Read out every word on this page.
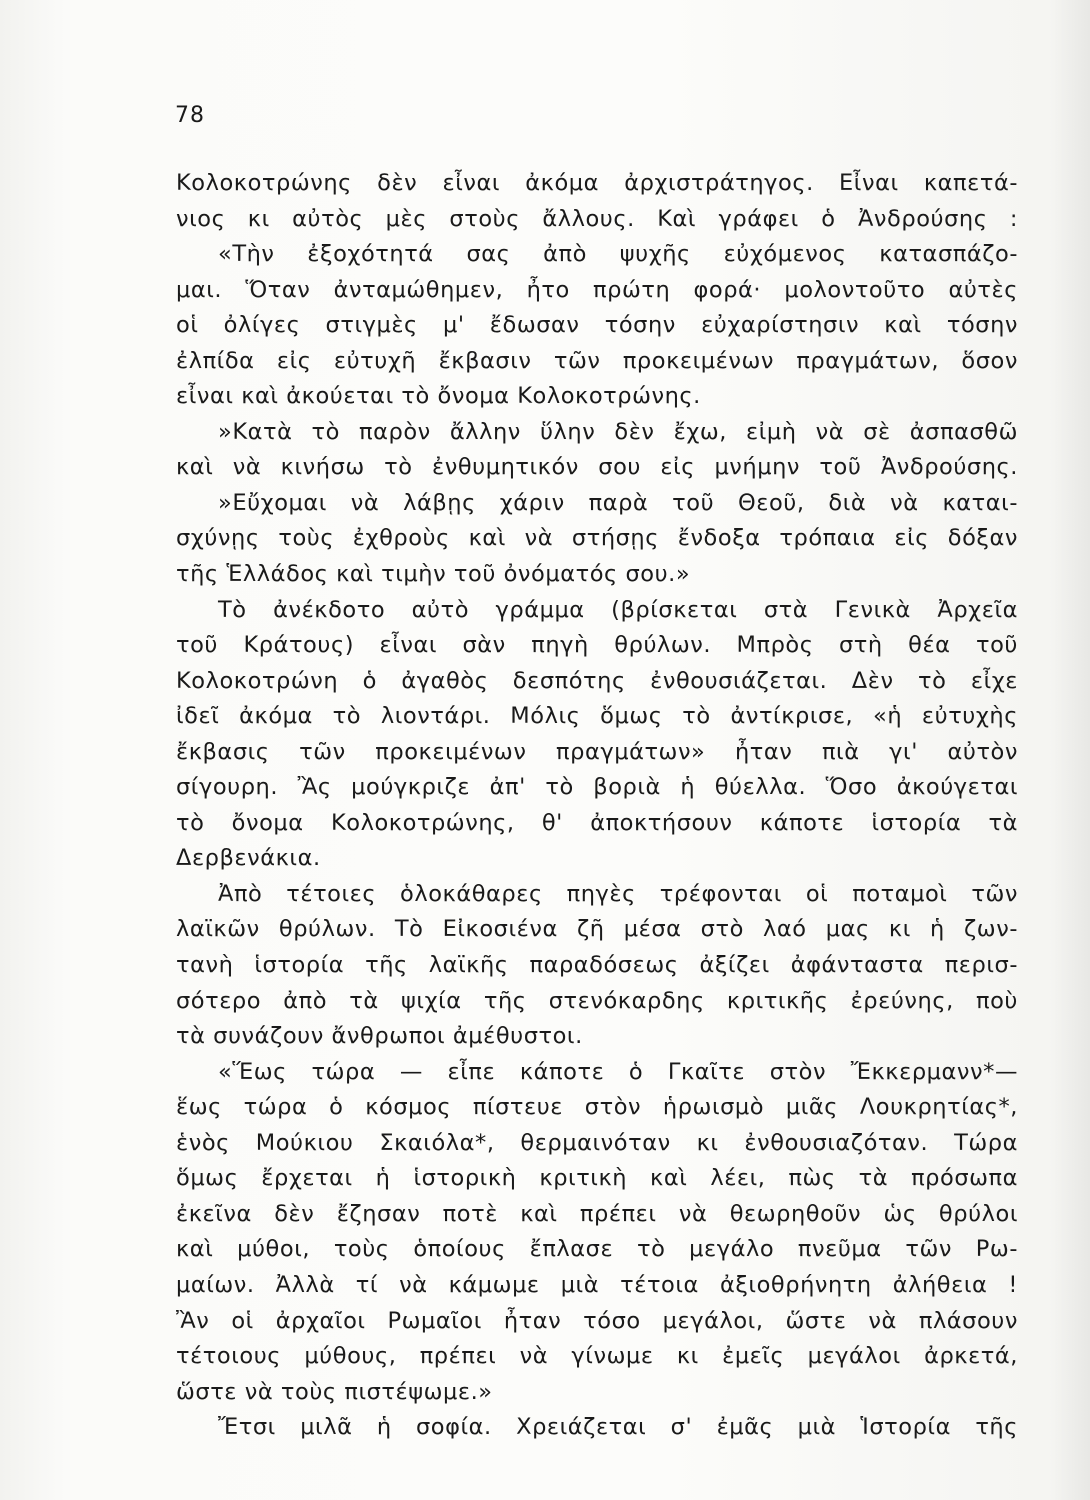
78
Κολοκοτρώνης δὲν εἶναι ἀκόμα ἀρχιστράτηγος. Εἶναι καπετά-
νιος κι αὐτὸς μὲς στοὺς ἄλλους. Καὶ γράφει ὁ Ἀνδρούσης :
«Τὴν ἐξοχότητά σας ἀπὸ ψυχῆς εὐχόμενος κατασπάζο-
μαι. Ὅταν ἀνταμώθημεν, ἦτο πρώτη φορά· μολοντοῦτο αὐτὲς
οἱ ὀλίγες στιγμὲς μ' ἔδωσαν τόσην εὐχαρίστησιν καὶ τόσην
ἐλπίδα εἰς εὐτυχῆ ἔκβασιν τῶν προκειμένων πραγμάτων, ὅσον
εἶναι καὶ ἀκούεται τὸ ὄνομα Κολοκοτρώνης.
»Κατὰ τὸ παρὸν ἄλλην ὕλην δὲν ἔχω, εἰμὴ νὰ σὲ ἀσπασθῶ
καὶ νὰ κινήσω τὸ ἐνθυμητικόν σου εἰς μνήμην τοῦ Ἀνδρούσης.
»Εὔχομαι νὰ λάβῃς χάριν παρὰ τοῦ Θεοῦ, διὰ νὰ καται-
σχύνῃς τοὺς ἐχθροὺς καὶ νὰ στήσῃς ἔνδοξα τρόπαια εἰς δόξαν
τῆς Ἑλλάδος καὶ τιμὴν τοῦ ὀνόματός σου.»
Τὸ ἀνέκδοτο αὐτὸ γράμμα (βρίσκεται στὰ Γενικὰ Ἀρχεῖα
τοῦ Κράτους) εἶναι σὰν πηγὴ θρύλων. Μπρὸς στὴ θέα τοῦ
Κολοκοτρώνη ὁ ἀγαθὸς δεσπότης ἐνθουσιάζεται. Δὲν τὸ εἶχε
ἰδεῖ ἀκόμα τὸ λιοντάρι. Μόλις ὅμως τὸ ἀντίκρισε, «ἡ εὐτυχὴς
ἔκβασις τῶν προκειμένων πραγμάτων» ἦταν πιὰ γι' αὐτὸν
σίγουρη. Ἂς μούγκριζε ἀπ' τὸ βοριὰ ἡ θύελλα. Ὅσο ἀκούγεται
τὸ ὄνομα Κολοκοτρώνης, θ' ἀποκτήσουν κάποτε ἱστορία τὰ
Δερβενάκια.
Ἀπὸ τέτοιες ὁλοκάθαρες πηγὲς τρέφονται οἱ ποταμοὶ τῶν
λαϊκῶν θρύλων. Τὸ Εἰκοσιένα ζῆ μέσα στὸ λαό μας κι ἡ ζων-
τανὴ ἱστορία τῆς λαϊκῆς παραδόσεως ἀξίζει ἀφάνταστα περισ-
σότερο ἀπὸ τὰ ψιχία τῆς στενόκαρδης κριτικῆς ἐρεύνης, ποὺ
τὰ συνάζουν ἄνθρωποι ἀμέθυστοι.
«Ἕως τώρα — εἶπε κάποτε ὁ Γκαῖτε στὸν Ἔκκερμανν*—
ἕως τώρα ὁ κόσμος πίστευε στὸν ἡρωισμὸ μιᾶς Λουκρητίας*,
ἑνὸς Μούκιου Σκαιόλα*, θερμαινόταν κι ἐνθουσιαζόταν. Τώρα
ὅμως ἔρχεται ἡ ἱστορικὴ κριτικὴ καὶ λέει, πὼς τὰ πρόσωπα
ἐκεῖνα δὲν ἔζησαν ποτὲ καὶ πρέπει νὰ θεωρηθοῦν ὡς θρύλοι
καὶ μύθοι, τοὺς ὁποίους ἔπλασε τὸ μεγάλο πνεῦμα τῶν Ρω-
μαίων. Ἀλλὰ τί νὰ κάμωμε μιὰ τέτοια ἀξιοθρήνητη ἀλήθεια !
Ἂν οἱ ἀρχαῖοι Ρωμαῖοι ἦταν τόσο μεγάλοι, ὥστε νὰ πλάσουν
τέτοιους μύθους, πρέπει νὰ γίνωμε κι ἐμεῖς μεγάλοι ἀρκετά,
ὥστε νὰ τοὺς πιστέψωμε.»
Ἔτσι μιλᾶ ἡ σοφία. Χρειάζεται σ' ἐμᾶς μιὰ Ἱστορία τῆς
